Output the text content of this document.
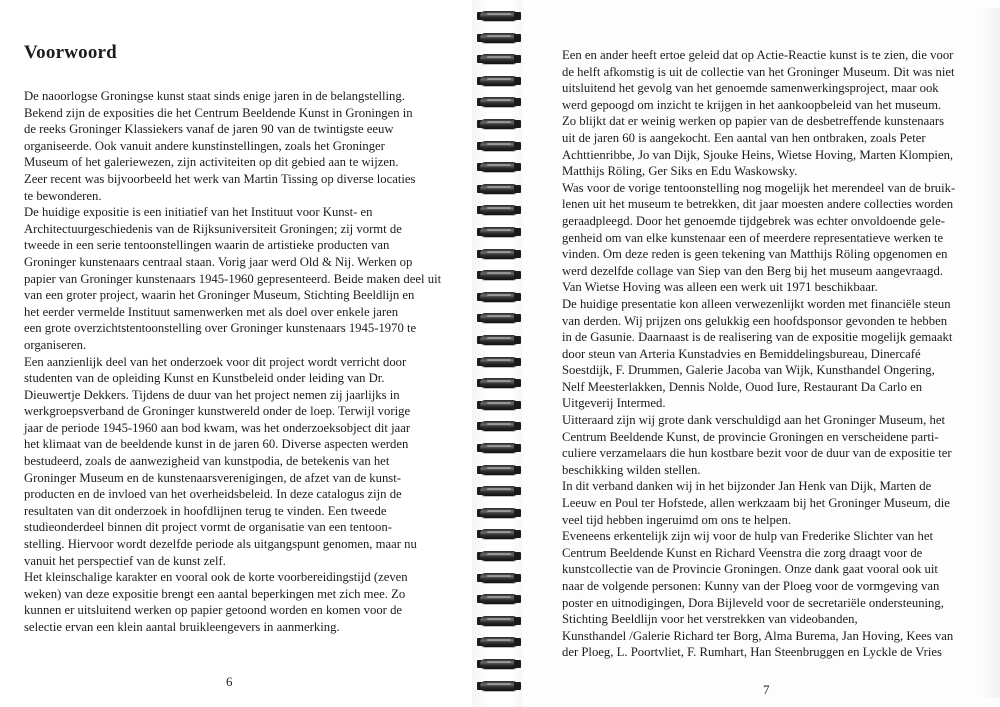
Voorwoord
De naoorlogse Groningse kunst staat sinds enige jaren in de belangstelling.
Bekend zijn de exposities die het Centrum Beeldende Kunst in Groningen in
de reeks Groninger Klassiekers vanaf de jaren 90 van de twintigste eeuw
organiseerde. Ook vanuit andere kunstinstellingen, zoals het Groninger
Museum of het galeriewezen, zijn activiteiten op dit gebied aan te wijzen.
Zeer recent was bijvoorbeeld het werk van Martin Tissing op diverse locaties
te bewonderen.
De huidige expositie is een initiatief van het Instituut voor Kunst- en
Architectuurgeschiedenis van de Rijksuniversiteit Groningen; zij vormt de
tweede in een serie tentoonstellingen waarin de artistieke producten van
Groninger kunstenaars centraal staan. Vorig jaar werd Old & Nij. Werken op
papier van Groninger kunstenaars 1945-1960 gepresenteerd. Beide maken deel uit
van een groter project, waarin het Groninger Museum, Stichting Beeldlijn en
het eerder vermelde Instituut samenwerken met als doel over enkele jaren
een grote overzichtstentoonstelling over Groninger kunstenaars 1945-1970 te
organiseren.
Een aanzienlijk deel van het onderzoek voor dit project wordt verricht door
studenten van de opleiding Kunst en Kunstbeleid onder leiding van Dr.
Dieuwertje Dekkers. Tijdens de duur van het project nemen zij jaarlijks in
werkgroepsverband de Groninger kunstwereld onder de loep. Terwijl vorige
jaar de periode 1945-1960 aan bod kwam, was het onderzoeksobject dit jaar
het klimaat van de beeldende kunst in de jaren 60. Diverse aspecten werden
bestudeerd, zoals de aanwezigheid van kunstpodia, de betekenis van het
Groninger Museum en de kunstenaarsverenigingen, de afzet van de kunst-
producten en de invloed van het overheidsbeleid. In deze catalogus zijn de
resultaten van dit onderzoek in hoofdlijnen terug te vinden. Een tweede
studieonderdeel binnen dit project vormt de organisatie van een tentoon-
stelling. Hiervoor wordt dezelfde periode als uitgangspunt genomen, maar nu
vanuit het perspectief van de kunst zelf.
Het kleinschalige karakter en vooral ook de korte voorbereidingstijd (zeven
weken) van deze expositie brengt een aantal beperkingen met zich mee. Zo
kunnen er uitsluitend werken op papier getoond worden en komen voor de
selectie ervan een klein aantal bruikleengevers in aanmerking.
6
Een en ander heeft ertoe geleid dat op Actie-Reactie kunst is te zien, die voor
de helft afkomstig is uit de collectie van het Groninger Museum. Dit was niet
uitsluitend het gevolg van het genoemde samenwerkingsproject, maar ook
werd gepoogd om inzicht te krijgen in het aankoopbeleid van het museum.
Zo blijkt dat er weinig werken op papier van de desbetreffende kunstenaars
uit de jaren 60 is aangekocht. Een aantal van hen ontbraken, zoals Peter
Achttienribbe, Jo van Dijk, Sjouke Heins, Wietse Hoving, Marten Klompien,
Matthijs Röling, Ger Siks en Edu Waskowsky.
Was voor de vorige tentoonstelling nog mogelijk het merendeel van de bruik-
lenen uit het museum te betrekken, dit jaar moesten andere collecties worden
geraadpleegd. Door het genoemde tijdgebrek was echter onvoldoende gele-
genheid om van elke kunstenaar een of meerdere representatieve werken te
vinden. Om deze reden is geen tekening van Matthijs Röling opgenomen en
werd dezelfde collage van Siep van den Berg bij het museum aangevraagd.
Van Wietse Hoving was alleen een werk uit 1971 beschikbaar.
De huidige presentatie kon alleen verwezenlijkt worden met financiële steun
van derden. Wij prijzen ons gelukkig een hoofdsponsor gevonden te hebben
in de Gasunie. Daarnaast is de realisering van de expositie mogelijk gemaakt
door steun van Arteria Kunstadvies en Bemiddelingsbureau, Dinercafé
Soestdijk, F. Drummen, Galerie Jacoba van Wijk, Kunsthandel Ongering,
Nelf Meesterlakken, Dennis Nolde, Ouod Iure, Restaurant Da Carlo en
Uitgeverij Intermed.
Uitteraard zijn wij grote dank verschuldigd aan het Groninger Museum, het
Centrum Beeldende Kunst, de provincie Groningen en verscheidene parti-
culiere verzamelaars die hun kostbare bezit voor de duur van de expositie ter
beschikking wilden stellen.
In dit verband danken wij in het bijzonder Jan Henk van Dijk, Marten de
Leeuw en Poul ter Hofstede, allen werkzaam bij het Groninger Museum, die
veel tijd hebben ingeruimd om ons te helpen.
Eveneens erkentelijk zijn wij voor de hulp van Frederike Slichter van het
Centrum Beeldende Kunst en Richard Veenstra die zorg draagt voor de
kunstcollectie van de Provincie Groningen. Onze dank gaat vooral ook uit
naar de volgende personen: Kunny van der Ploeg voor de vormgeving van
poster en uitnodigingen, Dora Bijleveld voor de secretariële ondersteuning,
Stichting Beeldlijn voor het verstrekken van videobanden,
Kunsthandel /Galerie Richard ter Borg, Alma Burema, Jan Hoving, Kees van
der Ploeg, L. Poortvliet, F. Rumhart, Han Steenbruggen en Lyckle de Vries
7
